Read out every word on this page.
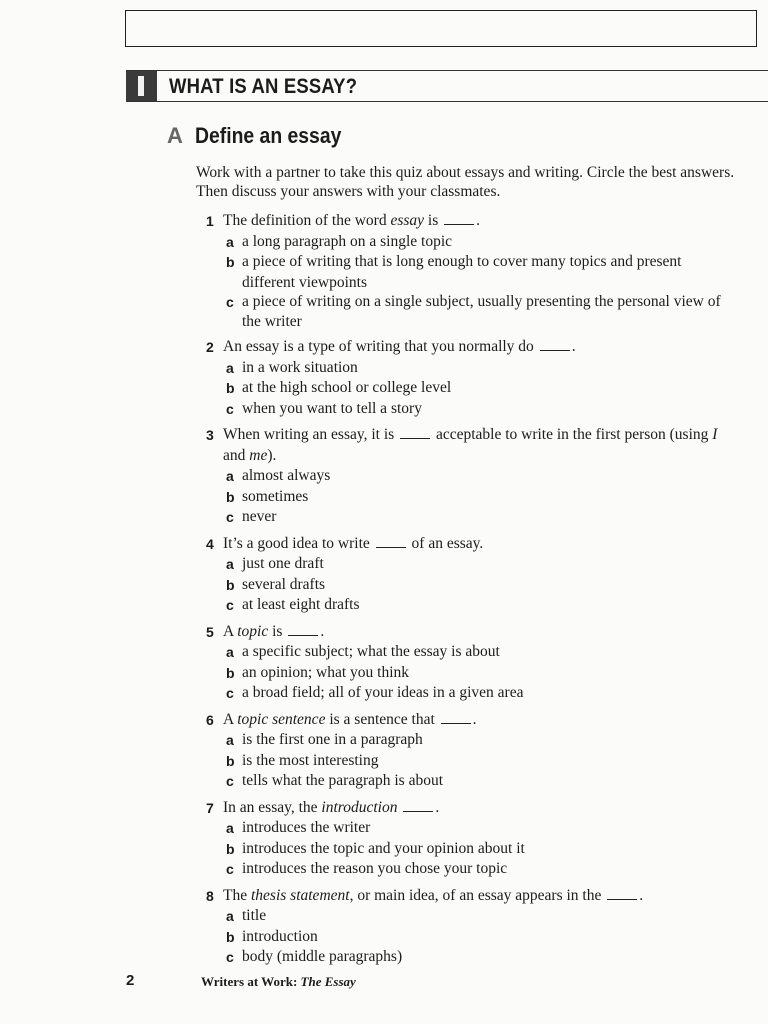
WHAT IS AN ESSAY?
A Define an essay
Work with a partner to take this quiz about essays and writing. Circle the best answers. Then discuss your answers with your classmates.
1 The definition of the word essay is .
a a long paragraph on a single topic
b a piece of writing that is long enough to cover many topics and present
different viewpoints
c a piece of writing on a single subject, usually presenting the personal view of
the writer
2 An essay is a type of writing that you normally do .
a in a work situation
b at the high school or college level
c when you want to tell a story
3 When writing an essay, it is  acceptable to write in the first person (using I
and me).
a almost always
b sometimes
c never
4 It’s a good idea to write  of an essay.
a just one draft
b several drafts
c at least eight drafts
5 A topic is .
a a specific subject; what the essay is about
b an opinion; what you think
c a broad field; all of your ideas in a given area
6 A topic sentence is a sentence that .
a is the first one in a paragraph
b is the most interesting
c tells what the paragraph is about
7 In an essay, the introduction .
a introduces the writer
b introduces the topic and your opinion about it
c introduces the reason you chose your topic
8 The thesis statement, or main idea, of an essay appears in the .
a title
b introduction
c body (middle paragraphs)
2	Writers at Work: The Essay
